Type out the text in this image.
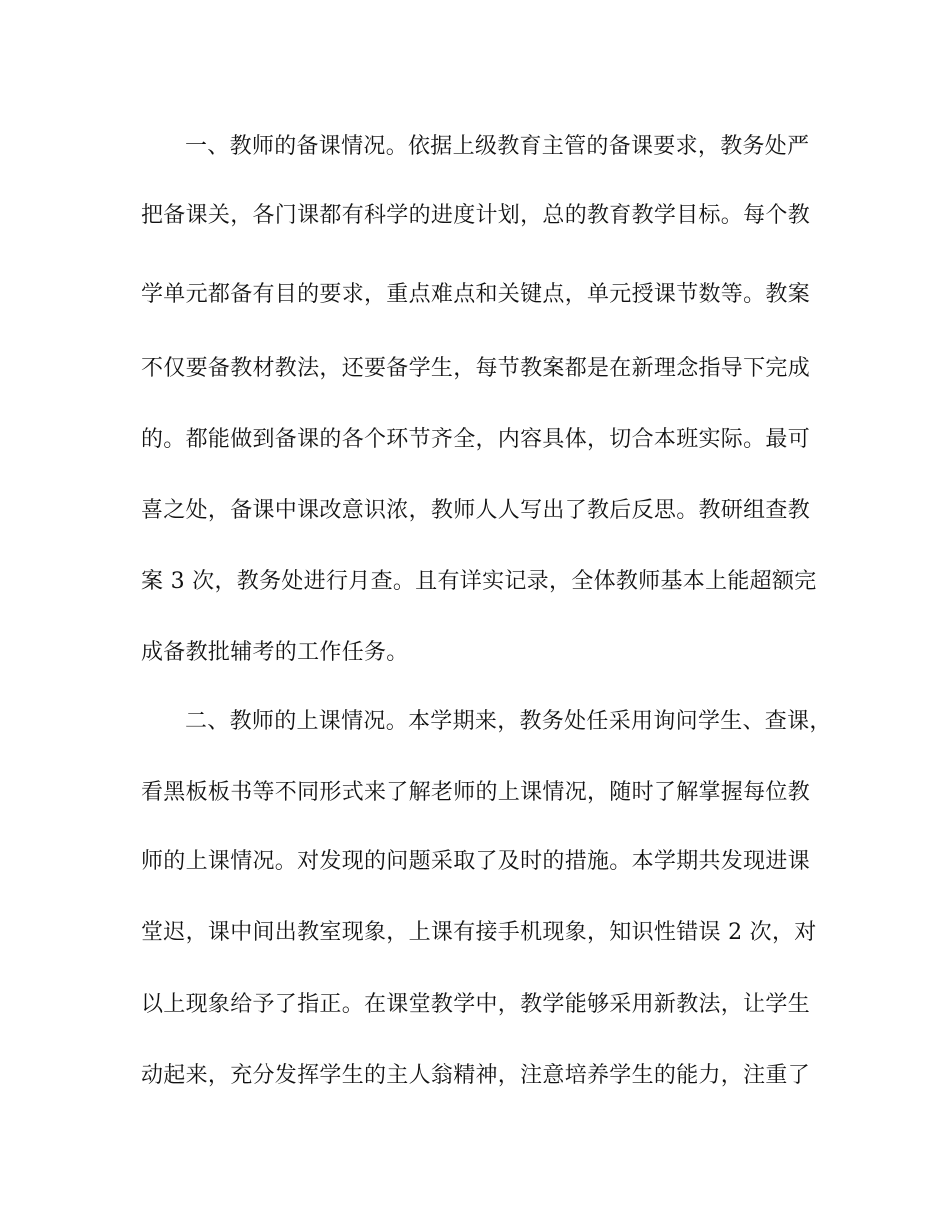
一、教师的备课情况。依据上级教育主管的备课要求，教务处严
把备课关，各门课都有科学的进度计划，总的教育教学目标。每个教
学单元都备有目的要求，重点难点和关键点，单元授课节数等。教案
不仅要备教材教法，还要备学生，每节教案都是在新理念指导下完成
的。都能做到备课的各个环节齐全，内容具体，切合本班实际。最可
喜之处，备课中课改意识浓，教师人人写出了教后反思。教研组查教
案 3 次，教务处进行月查。且有详实记录，全体教师基本上能超额完
成备教批辅考的工作任务。
二、教师的上课情况。本学期来，教务处任采用询问学生、查课，
看黑板板书等不同形式来了解老师的上课情况，随时了解掌握每位教
师的上课情况。对发现的问题采取了及时的措施。本学期共发现进课
堂迟，课中间出教室现象，上课有接手机现象，知识性错误 2 次，对
以上现象给予了指正。在课堂教学中，教学能够采用新教法，让学生
动起来，充分发挥学生的主人翁精神，注意培养学生的能力，注重了
